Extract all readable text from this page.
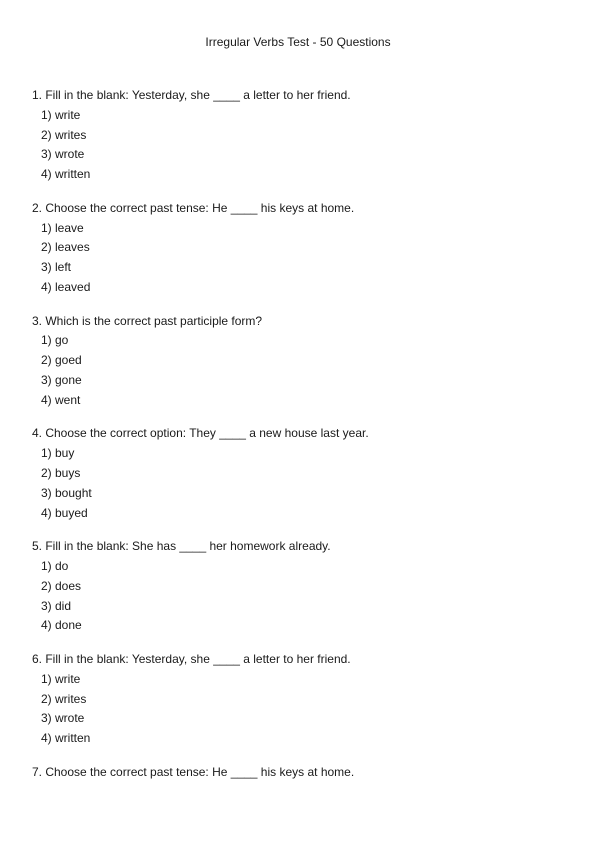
Irregular Verbs Test - 50 Questions
1. Fill in the blank: Yesterday, she ____ a letter to her friend.
1) write
2) writes
3) wrote
4) written
2. Choose the correct past tense: He ____ his keys at home.
1) leave
2) leaves
3) left
4) leaved
3. Which is the correct past participle form?
1) go
2) goed
3) gone
4) went
4. Choose the correct option: They ____ a new house last year.
1) buy
2) buys
3) bought
4) buyed
5. Fill in the blank: She has ____ her homework already.
1) do
2) does
3) did
4) done
6. Fill in the blank: Yesterday, she ____ a letter to her friend.
1) write
2) writes
3) wrote
4) written
7. Choose the correct past tense: He ____ his keys at home.
